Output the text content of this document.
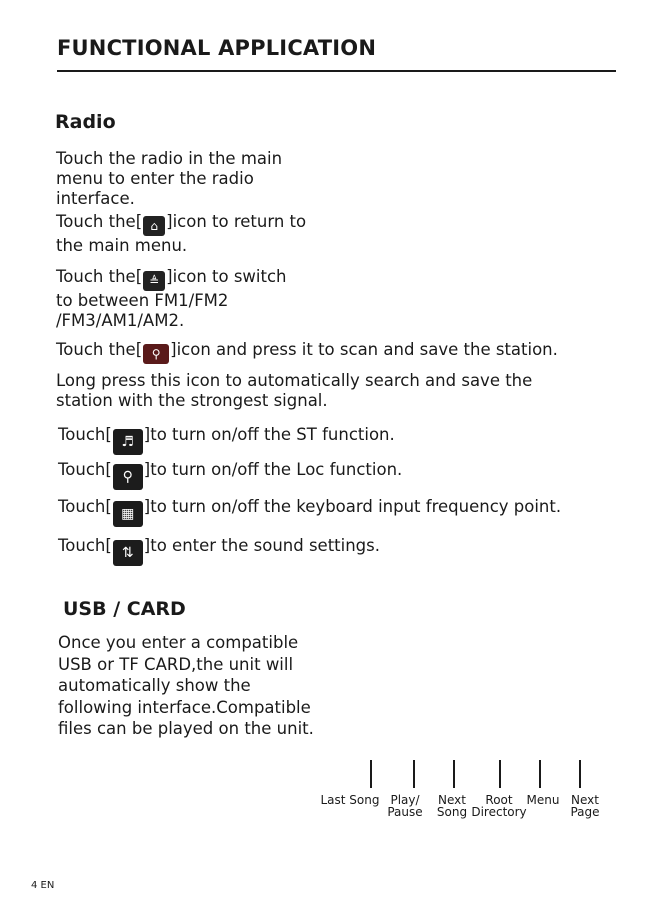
FUNCTIONAL APPLICATION
Radio
Touch the radio in the main
menu to enter the radio
interface.
Touch the[ ⌂ ]icon to return to
the main menu.
Touch the[ ≜ ]icon to switch
to between FM1/FM2
/FM3/AM1/AM2.
Touch the[ ⚲ ]icon and press it to scan and save the station.
Long press this icon to automatically search and save the
station with the strongest signal.
Touch[ ♬ ]to turn on/off the ST function.
Touch[ ⚲ ]to turn on/off the Loc function.
Touch[ ▦ ]to turn on/off the keyboard input frequency point.
Touch[ ⇅ ]to enter the sound settings.
USB / CARD
Once you enter a compatible
USB or TF CARD,the unit will
automatically show the
following interface.Compatible
files can be played on the unit.
Last Song Play/
Pause
Next
Song
Root
Directory
Menu Next
Page
4 EN
